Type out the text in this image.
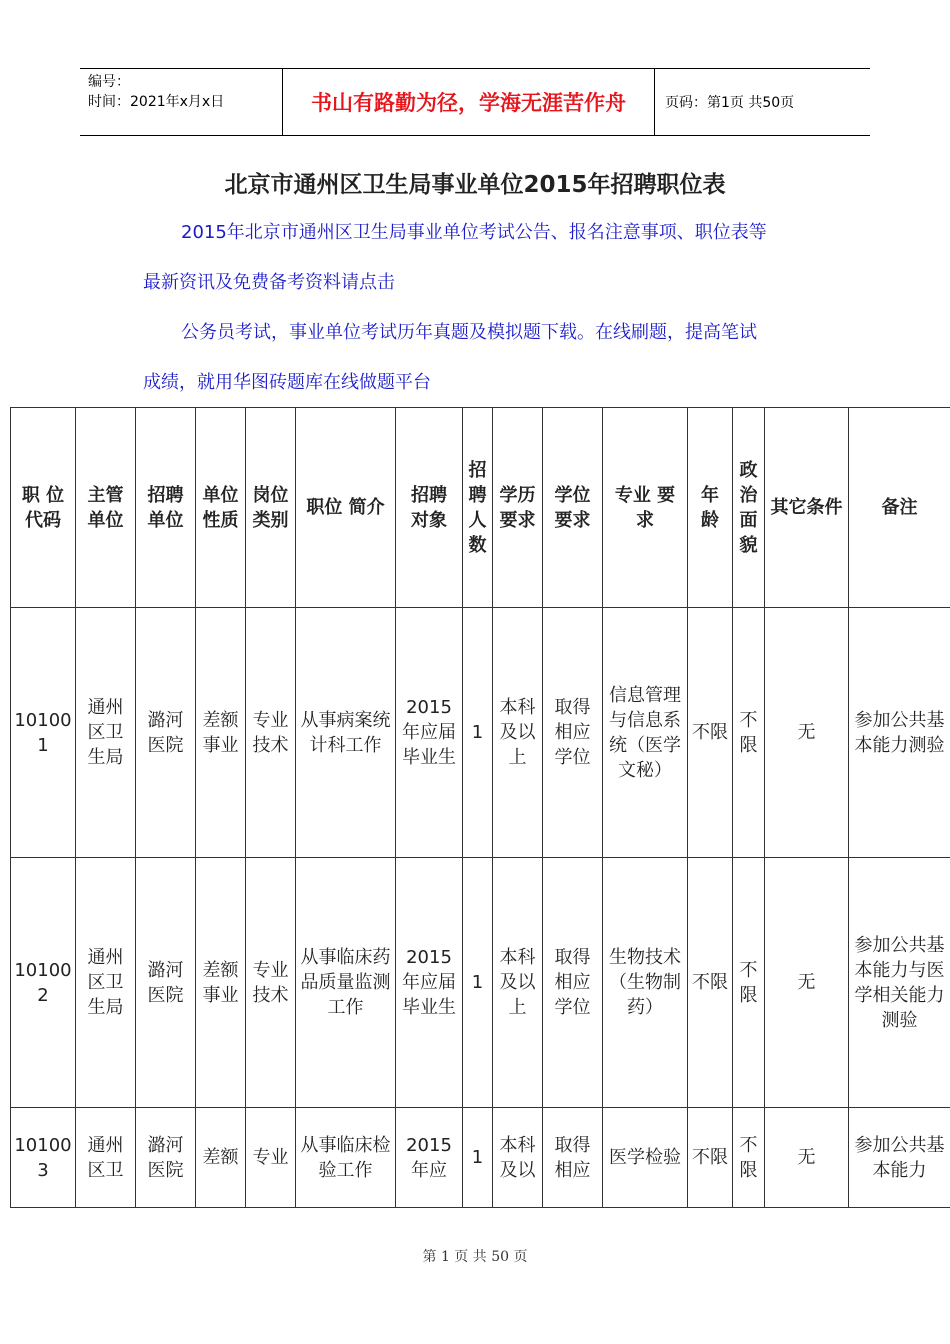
编号：
时间：2021年x月x日	书山有路勤为径，学海无涯苦作舟	页码：第1页 共50页
北京市通州区卫生局事业单位2015年招聘职位表

2015年北京市通州区卫生局事业单位考试公告、报名注意事项、职位表等

最新资讯及免费备考资料请点击

公务员考试，事业单位考试历年真题及模拟题下载。在线刷题，提高笔试

成绩，就用华图砖题库在线做题平台

职 位 代码	主管 单位	招聘 单位	单位性质	岗位类别	职位 简介	招聘 对象	招聘人数	学历 要求	学位 要求	专业 要求	年 龄	政治面貌	其它条件	备注
101001	通州区卫生局	潞河医院	差额事业	专业技术	从事病案统计科工作	2015年应届毕业生	1	本科及以上	取得相应学位	信息管理与信息系统（医学文秘）	不限	不限	无	参加公共基本能力测验
101002	通州区卫生局	潞河医院	差额事业	专业技术	从事临床药品质量监测工作	2015年应届毕业生	1	本科及以上	取得相应学位	生物技术（生物制药）	不限	不限	无	参加公共基本能力与医学相关能力测验
101003	通州区卫	潞河医院	差额	专业	从事临床检验工作	2015年应	1	本科及以	取得相应	医学检验	不限	不限	无	参加公共基本能力
第 1 页 共 50 页
